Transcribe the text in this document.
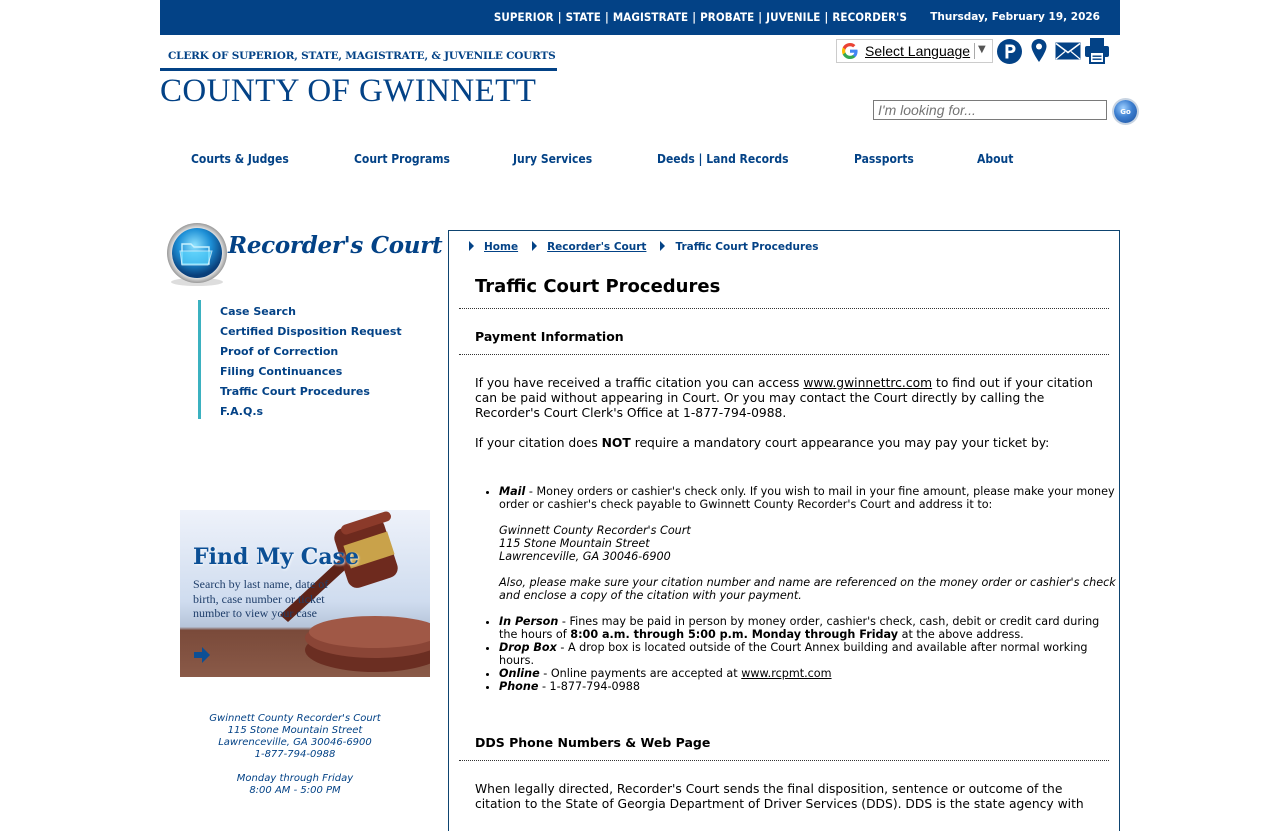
SUPERIOR | STATE | MAGISTRATE | PROBATE | JUVENILE | RECORDER'S Thursday, February 19, 2026
CLERK OF SUPERIOR, STATE, MAGISTRATE, & JUVENILE COURTS
COUNTY OF GWINNETT
Select Language ▼
I'm looking for...
Go
Courts & Judges	Court Programs	Jury Services	Deeds | Land Records	Passports	About
Recorder's Court
Case Search
Certified Disposition Request
Proof of Correction
Filing Continuances
Traffic Court Procedures
F.A.Q.s
Find My Case
Search by last name, date of birth, case number or ticket number to view your case
Gwinnett County Recorder's Court
115 Stone Mountain Street
Lawrenceville, GA 30046-6900
1-877-794-0988
Monday through Friday
8:00 AM - 5:00 PM
Home	Recorder's Court	Traffic Court Procedures
Traffic Court Procedures
Payment Information
If you have received a traffic citation you can access www.gwinnettrc.com to find out if your citation can be paid without appearing in Court. Or you may contact the Court directly by calling the Recorder's Court Clerk's Office at 1-877-794-0988.
If your citation does NOT require a mandatory court appearance you may pay your ticket by:
• Mail - Money orders or cashier's check only. If you wish to mail in your fine amount, please make your money order or cashier's check payable to Gwinnett County Recorder's Court and address it to:
Gwinnett County Recorder's Court
115 Stone Mountain Street
Lawrenceville, GA 30046-6900
Also, please make sure your citation number and name are referenced on the money order or cashier's check and enclose a copy of the citation with your payment.
• In Person - Fines may be paid in person by money order, cashier's check, cash, debit or credit card during the hours of 8:00 a.m. through 5:00 p.m. Monday through Friday at the above address.
• Drop Box - A drop box is located outside of the Court Annex building and available after normal working hours.
• Online - Online payments are accepted at www.rcpmt.com
• Phone - 1-877-794-0988
DDS Phone Numbers & Web Page
When legally directed, Recorder's Court sends the final disposition, sentence or outcome of the citation to the State of Georgia Department of Driver Services (DDS). DDS is the state agency with
